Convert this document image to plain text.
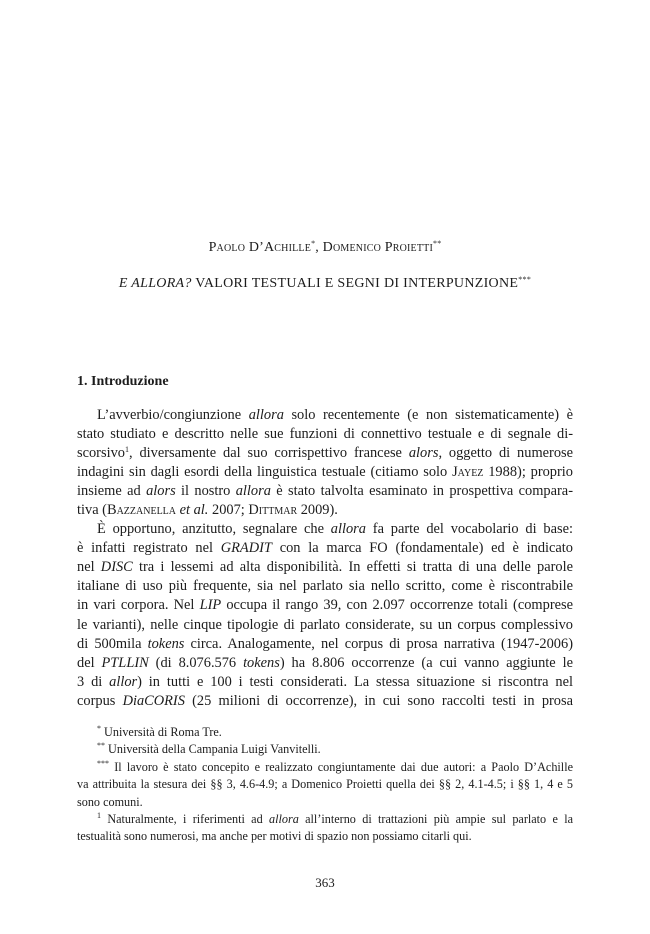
Paolo D’Achille*, Domenico Proietti**
E ALLORA? VALORI TESTUALI E SEGNI DI INTERPUNZIONE***
1. Introduzione
L’avverbio/congiunzione allora solo recentemente (e non sistematicamente) è
stato studiato e descritto nelle sue funzioni di connettivo testuale e di segnale di-
scorsivo$^1$, diversamente dal suo corrispettivo francese alors, oggetto di numerose
indagini sin dagli esordi della linguistica testuale (citiamo solo Jayez 1988); proprio
insieme ad alors il nostro allora è stato talvolta esaminato in prospettiva compara-
tiva (Bazzanella et al. 2007; Dittmar 2009).
È opportuno, anzitutto, segnalare che allora fa parte del vocabolario di base:
è infatti registrato nel GRADIT con la marca FO (fondamentale) ed è indicato
nel DISC tra i lessemi ad alta disponibilità. In effetti si tratta di una delle parole
italiane di uso più frequente, sia nel parlato sia nello scritto, come è riscontrabile
in vari corpora. Nel LIP occupa il rango 39, con 2.097 occorrenze totali (comprese
le varianti), nelle cinque tipologie di parlato considerate, su un corpus complessivo
di 500mila tokens circa. Analogamente, nel corpus di prosa narrativa (1947-2006)
del PTLLIN (di 8.076.576 tokens) ha 8.806 occorrenze (a cui vanno aggiunte le
3 di allor) in tutti e 100 i testi considerati. La stessa situazione si riscontra nel
corpus DiaCORIS (25 milioni di occorrenze), in cui sono raccolti testi in prosa
* Università di Roma Tre.
** Università della Campania Luigi Vanvitelli.
*** Il lavoro è stato concepito e realizzato congiuntamente dai due autori: a Paolo D’Achille
va attribuita la stesura dei §§ 3, 4.6-4.9; a Domenico Proietti quella dei §§ 2, 4.1-4.5; i §§ 1, 4 e 5
sono comuni.
$^1$ Naturalmente, i riferimenti ad allora all’interno di trattazioni più ampie sul parlato e la
testualità sono numerosi, ma anche per motivi di spazio non possiamo citarli qui.
363
